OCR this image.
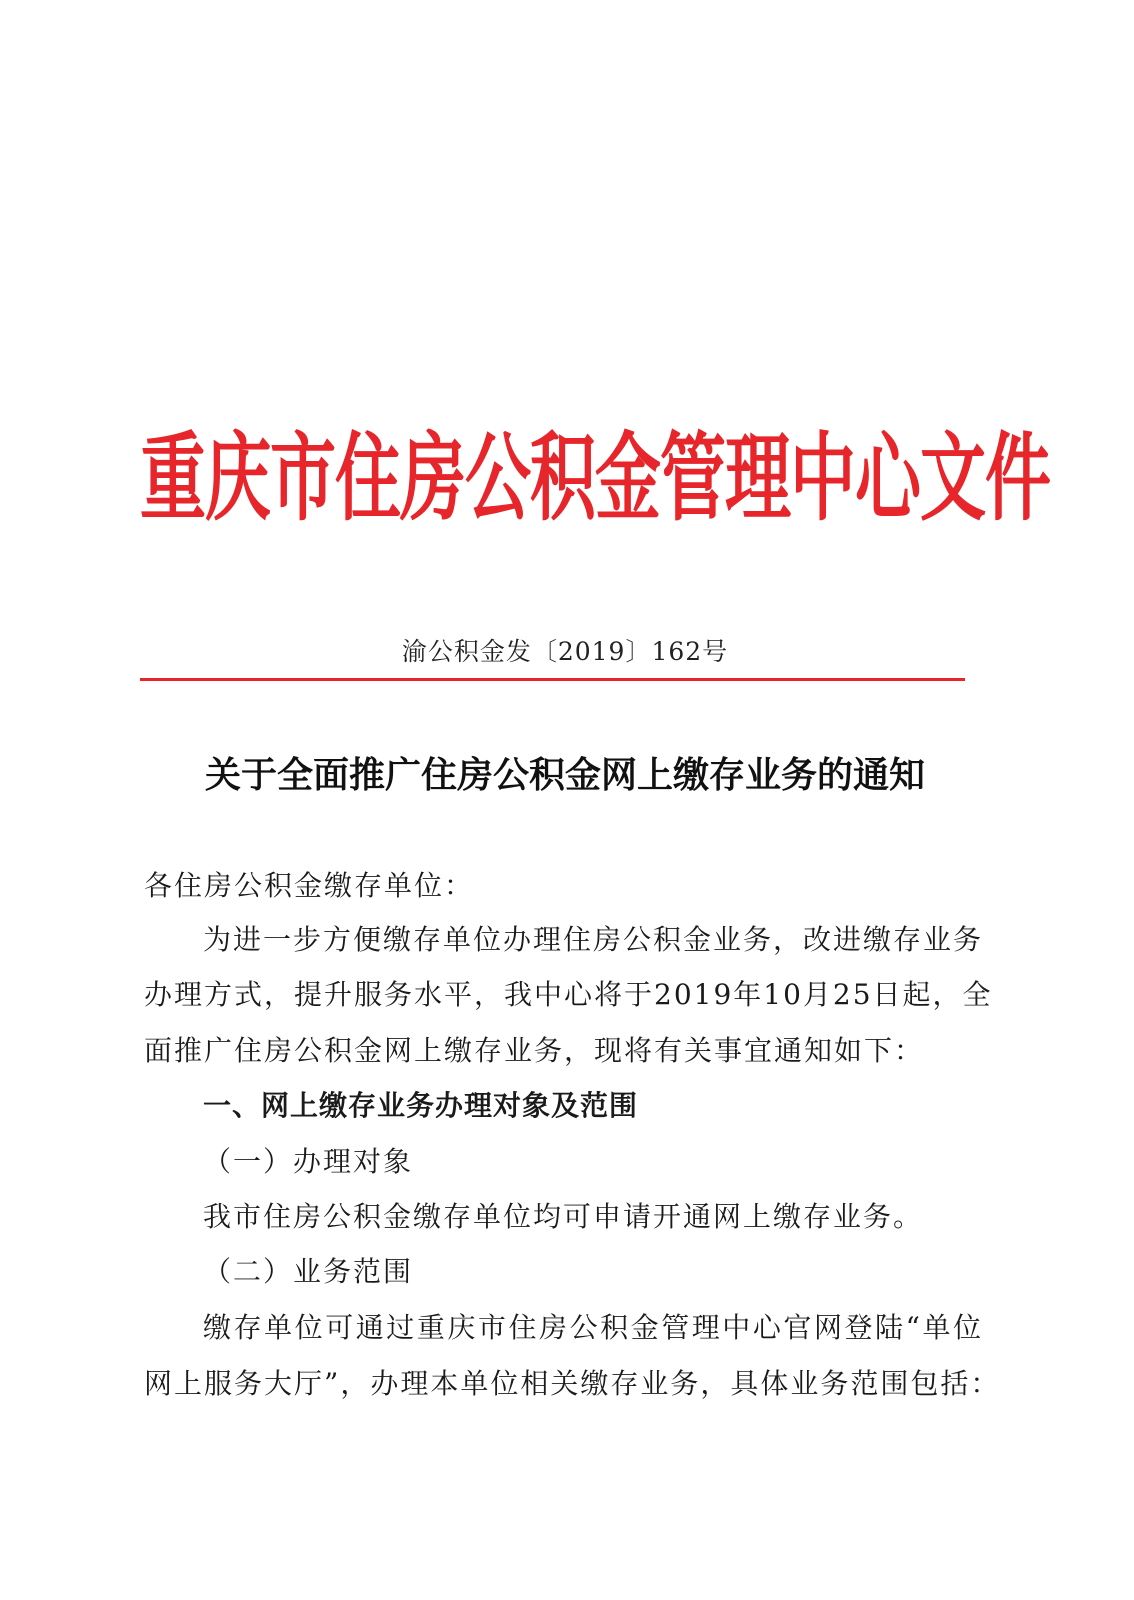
重庆市住房公积金管理中心文件
渝公积金发〔2019〕162号
关于全面推广住房公积金网上缴存业务的通知

各住房公积金缴存单位：

为进一步方便缴存单位办理住房公积金业务，改进缴存业务

办理方式，提升服务水平，我中心将于2019年10月25日起，全

面推广住房公积金网上缴存业务，现将有关事宜通知如下：

一、网上缴存业务办理对象及范围

（一）办理对象

我市住房公积金缴存单位均可申请开通网上缴存业务。

（二）业务范围

缴存单位可通过重庆市住房公积金管理中心官网登陆“单位

网上服务大厅”，办理本单位相关缴存业务，具体业务范围包括：
